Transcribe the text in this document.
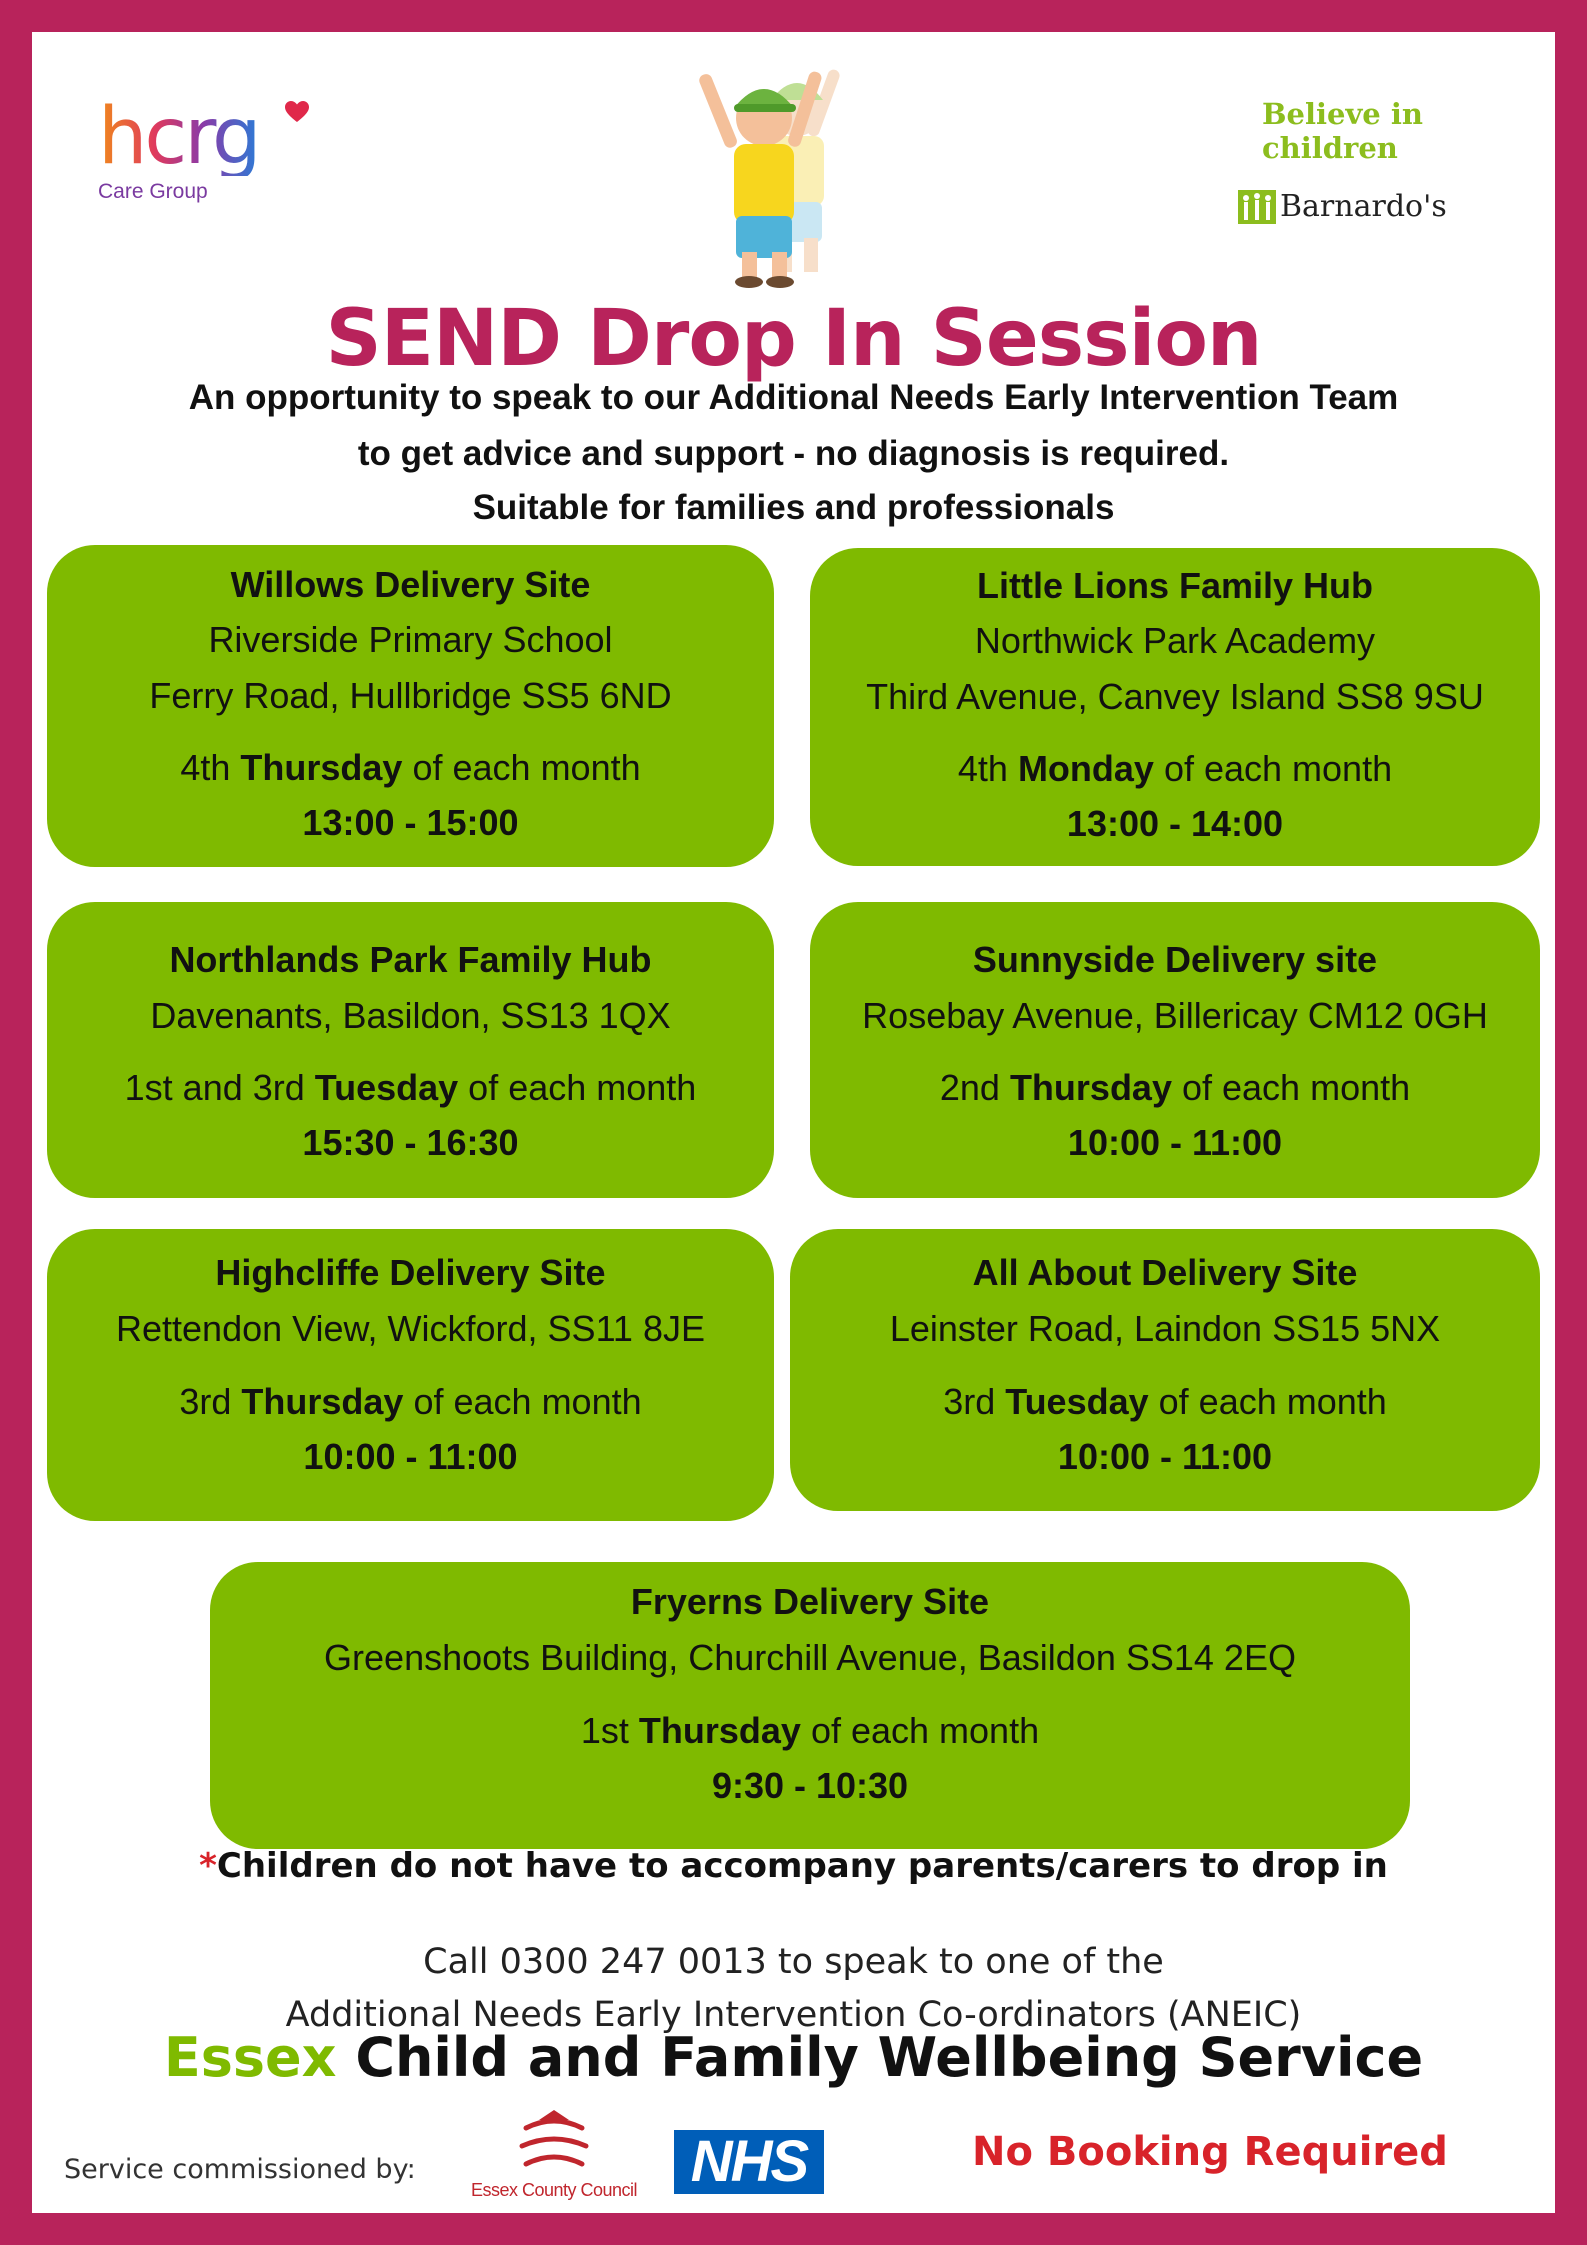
hcrg
Care Group
Believe in
children
Barnardo's
SEND Drop In Session
An opportunity to speak to our Additional Needs Early Intervention Team
to get advice and support - no diagnosis is required.
Suitable for families and professionals
Willows Delivery Site
Riverside Primary School
Ferry Road, Hullbridge SS5 6ND
4th Thursday of each month
13:00 - 15:00
Little Lions Family Hub
Northwick Park Academy
Third Avenue, Canvey Island SS8 9SU
4th Monday of each month
13:00 - 14:00
Northlands Park Family Hub
Davenants, Basildon, SS13 1QX
1st and 3rd Tuesday of each month
15:30 - 16:30
Sunnyside Delivery site
Rosebay Avenue, Billericay CM12 0GH
2nd Thursday of each month
10:00 - 11:00
Highcliffe Delivery Site
Rettendon View, Wickford, SS11 8JE
3rd Thursday of each month
10:00 - 11:00
All About Delivery Site
Leinster Road, Laindon SS15 5NX
3rd Tuesday of each month
10:00 - 11:00
Fryerns Delivery Site
Greenshoots Building, Churchill Avenue, Basildon SS14 2EQ
1st Thursday of each month
9:30 - 10:30
*Children do not have to accompany parents/carers to drop in
Call 0300 247 0013 to speak to one of the
Additional Needs Early Intervention Co-ordinators (ANEIC)
Essex Child and Family Wellbeing Service
Service commissioned by:
Essex County Council NHS	No Booking Required
